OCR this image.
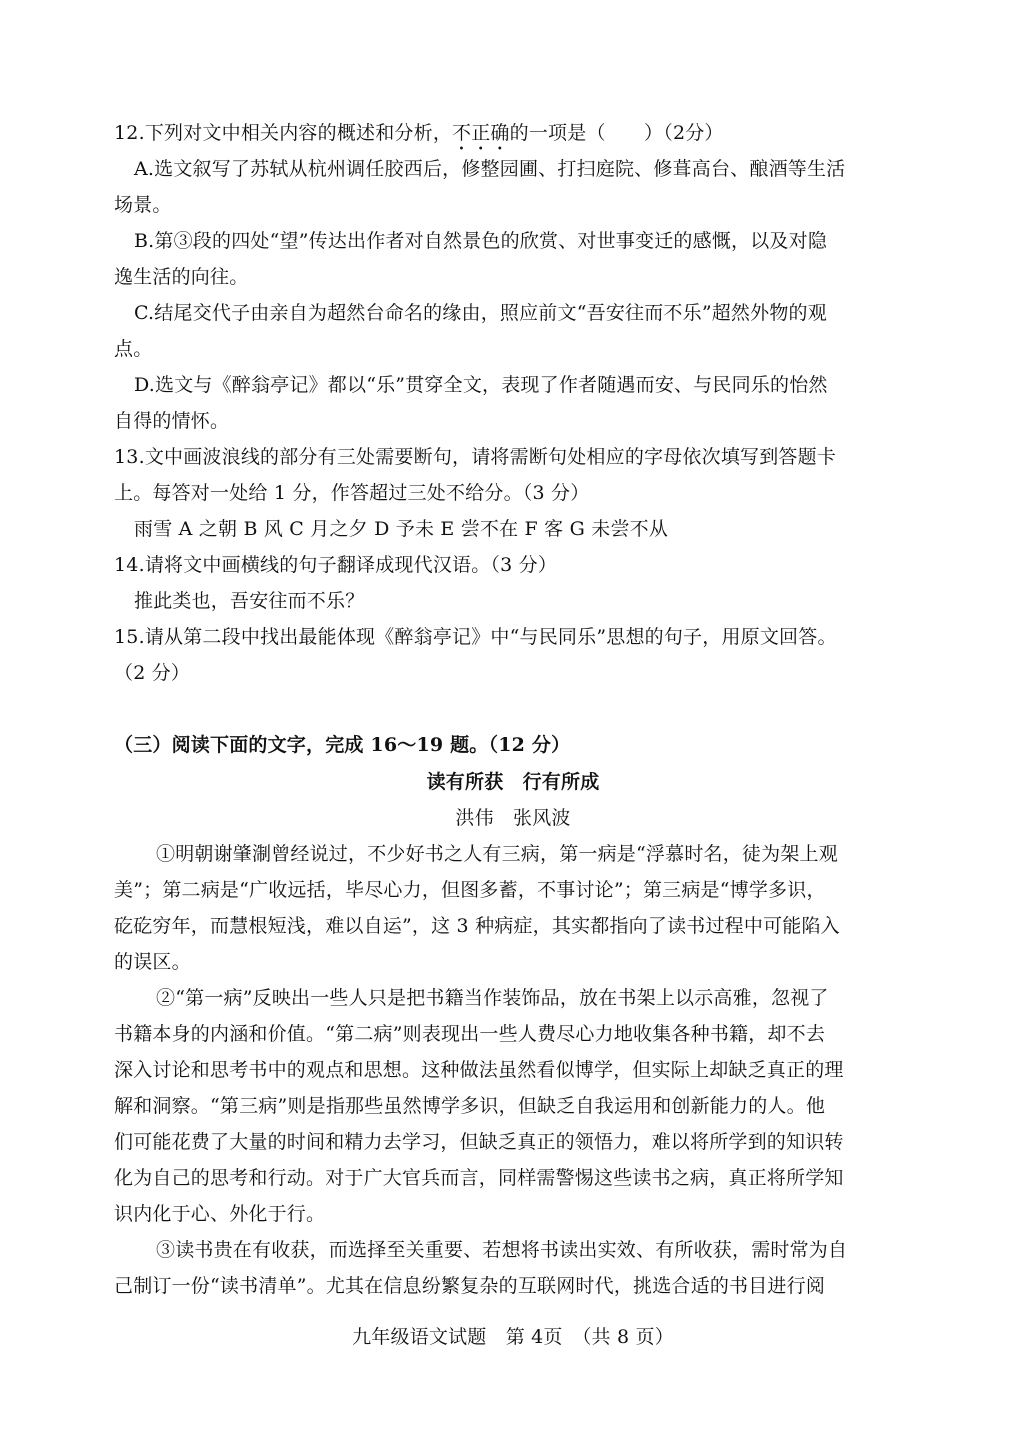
12.下列对文中相关内容的概述和分析，不正确的一项是（　　）（2分）
A.选文叙写了苏轼从杭州调任胶西后，修整园圃、打扫庭院、修葺高台、酿酒等生活
场景。
B.第③段的四处“望”传达出作者对自然景色的欣赏、对世事变迁的感慨，以及对隐
逸生活的向往。
C.结尾交代子由亲自为超然台命名的缘由，照应前文“吾安往而不乐”超然外物的观
点。
D.选文与《醉翁亭记》都以“乐”贯穿全文，表现了作者随遇而安、与民同乐的怡然
自得的情怀。
13.文中画波浪线的部分有三处需要断句，请将需断句处相应的字母依次填写到答题卡
上。每答对一处给 1 分，作答超过三处不给分。（3 分）
雨雪 A 之朝 B 风 C 月之夕 D 予未 E 尝不在 F 客 G 未尝不从
14.请将文中画横线的句子翻译成现代汉语。（3 分）
推此类也，吾安往而不乐？
15.请从第二段中找出最能体现《醉翁亭记》中“与民同乐”思想的句子，用原文回答。
（2 分）
（三）阅读下面的文字，完成 16～19 题。（12 分）
读有所获　行有所成
洪伟　张风波
①明朝谢肇淛曾经说过，不少好书之人有三病，第一病是“浮慕时名，徒为架上观
美”；第二病是“广收远括，毕尽心力，但图多蓄，不事讨论”；第三病是“博学多识，
矻矻穷年，而慧根短浅，难以自运”，这 3 种病症，其实都指向了读书过程中可能陷入
的误区。
②“第一病”反映出一些人只是把书籍当作装饰品，放在书架上以示高雅，忽视了
书籍本身的内涵和价值。“第二病”则表现出一些人费尽心力地收集各种书籍，却不去
深入讨论和思考书中的观点和思想。这种做法虽然看似博学，但实际上却缺乏真正的理
解和洞察。“第三病”则是指那些虽然博学多识，但缺乏自我运用和创新能力的人。他
们可能花费了大量的时间和精力去学习，但缺乏真正的领悟力，难以将所学到的知识转
化为自己的思考和行动。对于广大官兵而言，同样需警惕这些读书之病，真正将所学知
识内化于心、外化于行。
③读书贵在有收获，而选择至关重要、若想将书读出实效、有所收获，需时常为自
己制订一份“读书清单”。尤其在信息纷繁复杂的互联网时代，挑选合适的书目进行阅
九年级语文试题　第 4页　（共 8 页）
